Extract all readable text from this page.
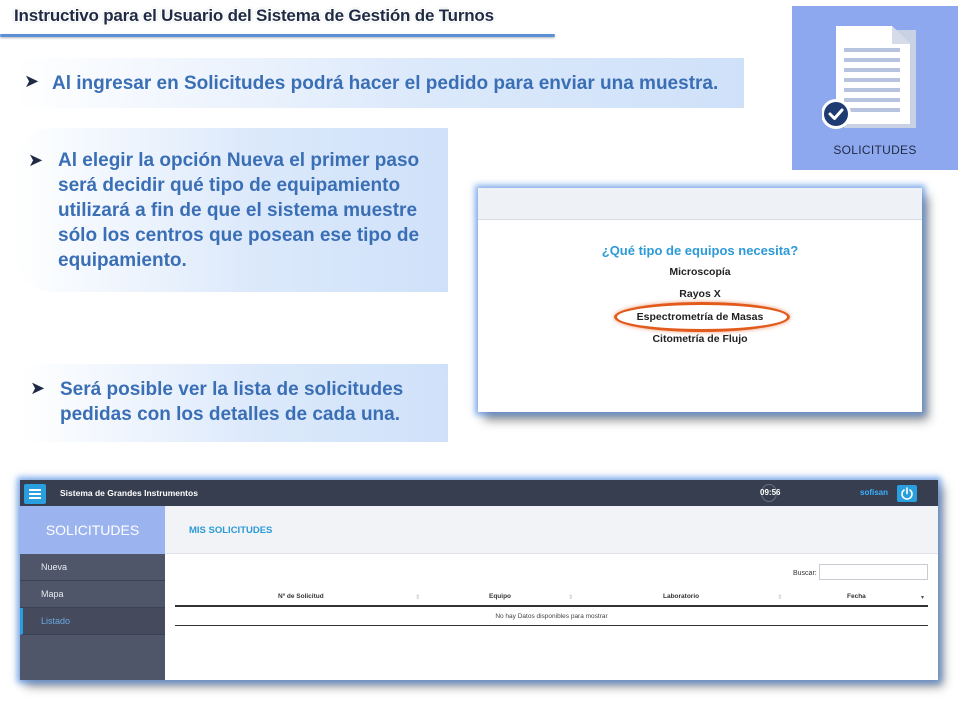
Instructivo para el Usuario del Sistema de Gestión de Turnos
➤ Al ingresar en Solicitudes podrá hacer el pedido para enviar una muestra.
➤ Al elegir la opción Nueva el primer paso será decidir qué tipo de equipamiento utilizará a fin de que el sistema muestre sólo los centros que posean ese tipo de equipamiento.
➤ Será posible ver la lista de solicitudes pedidas con los detalles de cada una.
SOLICITUDES
¿Qué tipo de equipos necesita?
Microscopía
Rayos X
Espectrometría de Masas
Citometría de Flujo
Sistema de Grandes Instrumentos	09:56	sofisan
SOLICITUDES
Nueva
Mapa
Listado
MIS SOLICITUDES
Buscar:
Nº de Solicitud	⇕	Equipo	⇕	Laboratorio	⇕	Fecha	▾
No hay Datos disponibles para mostrar
